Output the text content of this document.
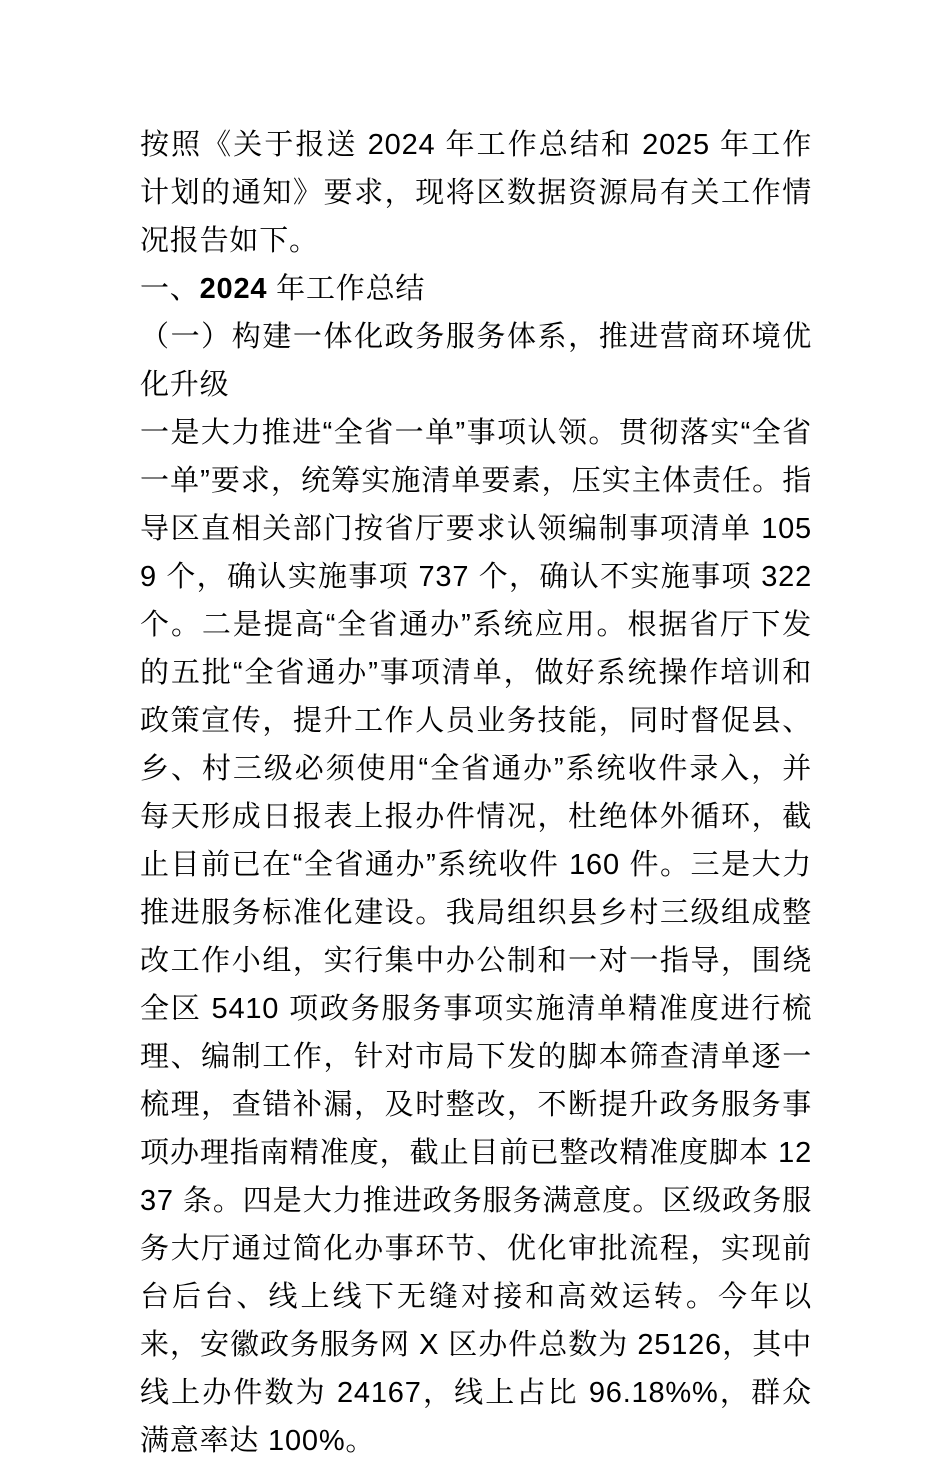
按照《关于报送 2024 年工作总结和 2025 年工作计划的通知》要求，现将区数据资源局有关工作情况报告如下。

一、2024 年工作总结

（一）构建一体化政务服务体系，推进营商环境优化升级

一是大力推进“全省一单”事项认领。贯彻落实“全省一单”要求，统筹实施清单要素，压实主体责任。指导区直相关部门按省厅要求认领编制事项清单 1059 个，确认实施事项 737 个，确认不实施事项 322 个。二是提高“全省通办”系统应用。根据省厅下发的五批“全省通办”事项清单，做好系统操作培训和政策宣传，提升工作人员业务技能，同时督促县、乡、村三级必须使用“全省通办”系统收件录入，并每天形成日报表上报办件情况，杜绝体外循环，截止目前已在“全省通办”系统收件 160 件。三是大力推进服务标准化建设。我局组织县乡村三级组成整改工作小组，实行集中办公制和一对一指导，围绕全区 5410 项政务服务事项实施清单精准度进行梳理、编制工作，针对市局下发的脚本筛查清单逐一梳理，查错补漏，及时整改，不断提升政务服务事项办理指南精准度，截止目前已整改精准度脚本 1237 条。四是大力推进政务服务满意度。区级政务服务大厅通过简化办事环节、优化审批流程，实现前台后台、线上线下无缝对接和高效运转。今年以来，安徽政务服务网 X 区办件总数为 25126，其中线上办件数为 24167，线上占比 96.18%%，群众满意率达 100%。
